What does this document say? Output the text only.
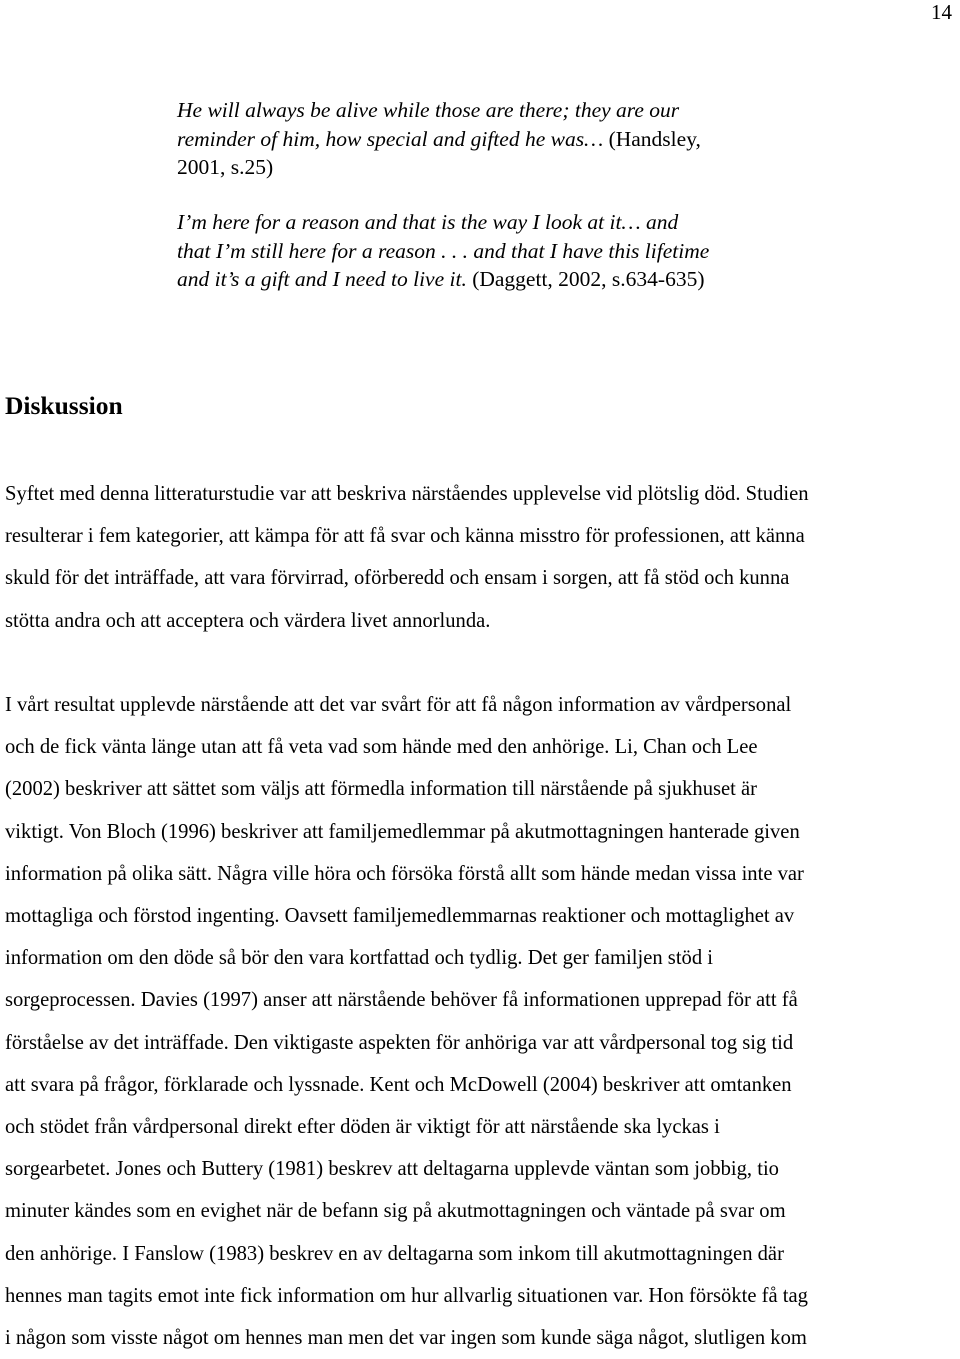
14
He will always be alive while those are there; they are our
reminder of him, how special and gifted he was… (Handsley,
2001, s.25)
I’m here for a reason and that is the way I look at it… and
that I’m still here for a reason . . . and that I have this lifetime
and it’s a gift and I need to live it. (Daggett, 2002, s.634-635)
Diskussion

Syftet med denna litteraturstudie var att beskriva närståendes upplevelse vid plötslig död. Studien
resulterar i fem kategorier, att kämpa för att få svar och känna misstro för professionen, att känna
skuld för det inträffade, att vara förvirrad, oförberedd och ensam i sorgen, att få stöd och kunna
stötta andra och att acceptera och värdera livet annorlunda.

I vårt resultat upplevde närstående att det var svårt för att få någon information av vårdpersonal
och de fick vänta länge utan att få veta vad som hände med den anhörige. Li, Chan och Lee
(2002) beskriver att sättet som väljs att förmedla information till närstående på sjukhuset är
viktigt. Von Bloch (1996) beskriver att familjemedlemmar på akutmottagningen hanterade given
information på olika sätt. Några ville höra och försöka förstå allt som hände medan vissa inte var
mottagliga och förstod ingenting. Oavsett familjemedlemmarnas reaktioner och mottaglighet av
information om den döde så bör den vara kortfattad och tydlig. Det ger familjen stöd i
sorgeprocessen. Davies (1997) anser att närstående behöver få informationen upprepad för att få
förståelse av det inträffade. Den viktigaste aspekten för anhöriga var att vårdpersonal tog sig tid
att svara på frågor, förklarade och lyssnade. Kent och McDowell (2004) beskriver att omtanken
och stödet från vårdpersonal direkt efter döden är viktigt för att närstående ska lyckas i
sorgearbetet. Jones och Buttery (1981) beskrev att deltagarna upplevde väntan som jobbig, tio
minuter kändes som en evighet när de befann sig på akutmottagningen och väntade på svar om
den anhörige. I Fanslow (1983) beskrev en av deltagarna som inkom till akutmottagningen där
hennes man tagits emot inte fick information om hur allvarlig situationen var. Hon försökte få tag
i någon som visste något om hennes man men det var ingen som kunde säga något, slutligen kom
